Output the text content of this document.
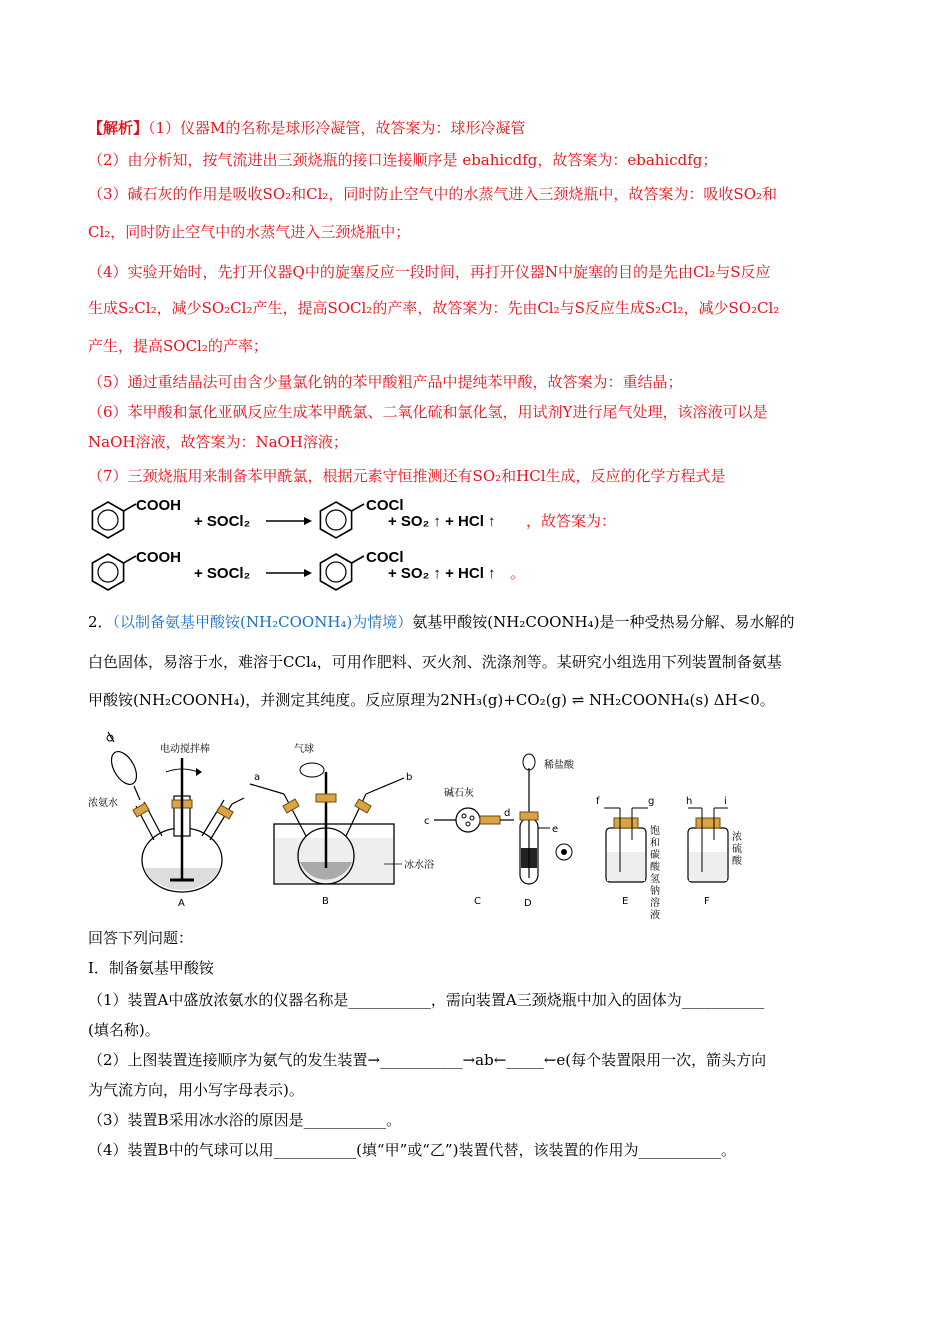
【解析】（1）仪器M的名称是球形冷凝管，故答案为：球形冷凝管
（2）由分析知，按气流进出三颈烧瓶的接口连接顺序是 ebahicdfg，故答案为：ebahicdfg；
（3）碱石灰的作用是吸收SO₂和Cl₂，同时防止空气中的水蒸气进入三颈烧瓶中，故答案为：吸收SO₂和
Cl₂，同时防止空气中的水蒸气进入三颈烧瓶中；
（4）实验开始时，先打开仪器Q中的旋塞反应一段时间，再打开仪器N中旋塞的目的是先由Cl₂与S反应
生成S₂Cl₂，减少SO₂Cl₂产生，提高SOCl₂的产率，故答案为：先由Cl₂与S反应生成S₂Cl₂，减少SO₂Cl₂
产生，提高SOCl₂的产率；
（5）通过重结晶法可由含少量氯化钠的苯甲酸粗产品中提纯苯甲酸，故答案为：重结晶；
（6）苯甲酸和氯化亚砜反应生成苯甲酰氯、二氧化硫和氯化氢，用试剂Y进行尾气处理，该溶液可以是
NaOH溶液，故答案为：NaOH溶液；
（7）三颈烧瓶用来制备苯甲酰氯，根据元素守恒推测还有SO₂和HCl生成，反应的化学方程式是
COOH
+ SOCl₂
COCl
+ SO₂ ↑ + HCl ↑ ，故答案为：
COOH
+ SOCl₂
COCl
+ SO₂ ↑ + HCl ↑ 。
2．（以制备氨基甲酸铵(NH₂COONH₄)为情境）氨基甲酸铵(NH₂COONH₄)是一种受热易分解、易水解的
白色固体，易溶于水，难溶于CCl₄，可用作肥料、灭火剂、洗涤剂等。某研究小组选用下列装置制备氨基
甲酸铵(NH₂COONH₄)，并测定其纯度。反应原理为2NH₃(g)+CO₂(g) ⇌ NH₂COONH₄(s) ΔH<0。
电动搅拌棒
浓氨水
A
气球
a	b
冰水浴
B
碱石灰
c
d
C
稀盐酸
e
D
f	g
E
h	i
F
饱和碳酸氢钠溶液
浓硫酸
回答下列问题：
I．制备氨基甲酸铵
（1）装置A中盛放浓氨水的仪器名称是___________，需向装置A三颈烧瓶中加入的固体为___________
(填名称)。
（2）上图装置连接顺序为氨气的发生装置→___________→ab←_____←e(每个装置限用一次，箭头方向
为气流方向，用小写字母表示)。
（3）装置B采用冰水浴的原因是___________。
（4）装置B中的气球可以用___________(填“甲”或“乙”)装置代替，该装置的作用为___________。
